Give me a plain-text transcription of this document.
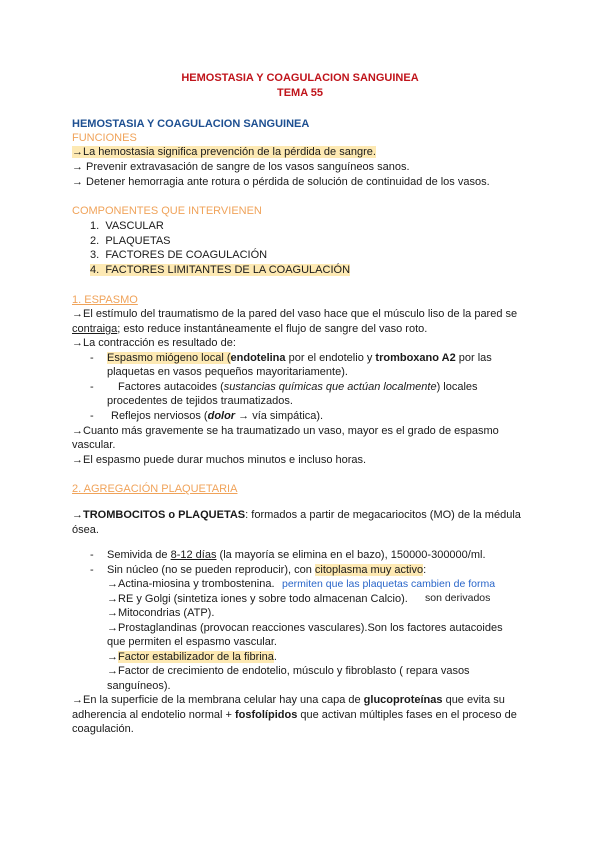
HEMOSTASIA Y COAGULACION SANGUINEA
TEMA 55
HEMOSTASIA Y COAGULACION SANGUINEA
FUNCIONES
→La hemostasia significa prevención de la pérdida de sangre.
→ Prevenir extravasación de sangre de los vasos sanguíneos sanos.
→ Detener hemorragia ante rotura o pérdida de solución de continuidad de los vasos.
COMPONENTES QUE INTERVIENEN
1. VASCULAR
2. PLAQUETAS
3. FACTORES DE COAGULACIÓN
4. FACTORES LIMITANTES DE LA COAGULACIÓN
1. ESPASMO
→El estímulo del traumatismo de la pared del vaso hace que el músculo liso de la pared se
contraiga; esto reduce instantáneamente el flujo de sangre del vaso roto.
→La contracción es resultado de:
- Espasmo miógeno local (endotelina por el endotelio y tromboxano A2 por las
plaquetas en vasos pequeños mayoritariamente).
- Factores autacoides (sustancias químicas que actúan localmente) locales
procedentes de tejidos traumatizados.
- Reflejos nerviosos (dolor → vía simpática).
→Cuanto más gravemente se ha traumatizado un vaso, mayor es el grado de espasmo
vascular.
→El espasmo puede durar muchos minutos e incluso horas.
2. AGREGACIÓN PLAQUETARIA
→TROMBOCITOS o PLAQUETAS: formados a partir de megacariocitos (MO) de la médula
ósea.
- Semivida de 8-12 días (la mayoría se elimina en el bazo), 150000-300000/ml.
- Sin núcleo (no se pueden reproducir), con citoplasma muy activo:
→Actina-miosina y trombostenina. permiten que las plaquetas cambien de forma
→RE y Golgi (sintetiza iones y sobre todo almacenan Calcio). son derivados
→Mitocondrias (ATP).
→Prostaglandinas (provocan reacciones vasculares).Son los factores autacoides
que permiten el espasmo vascular.
→Factor estabilizador de la fibrina.
→Factor de crecimiento de endotelio, músculo y fibroblasto ( repara vasos
sanguíneos).
→En la superficie de la membrana celular hay una capa de glucoproteínas que evita su
adherencia al endotelio normal + fosfolípidos que activan múltiples fases en el proceso de
coagulación.
